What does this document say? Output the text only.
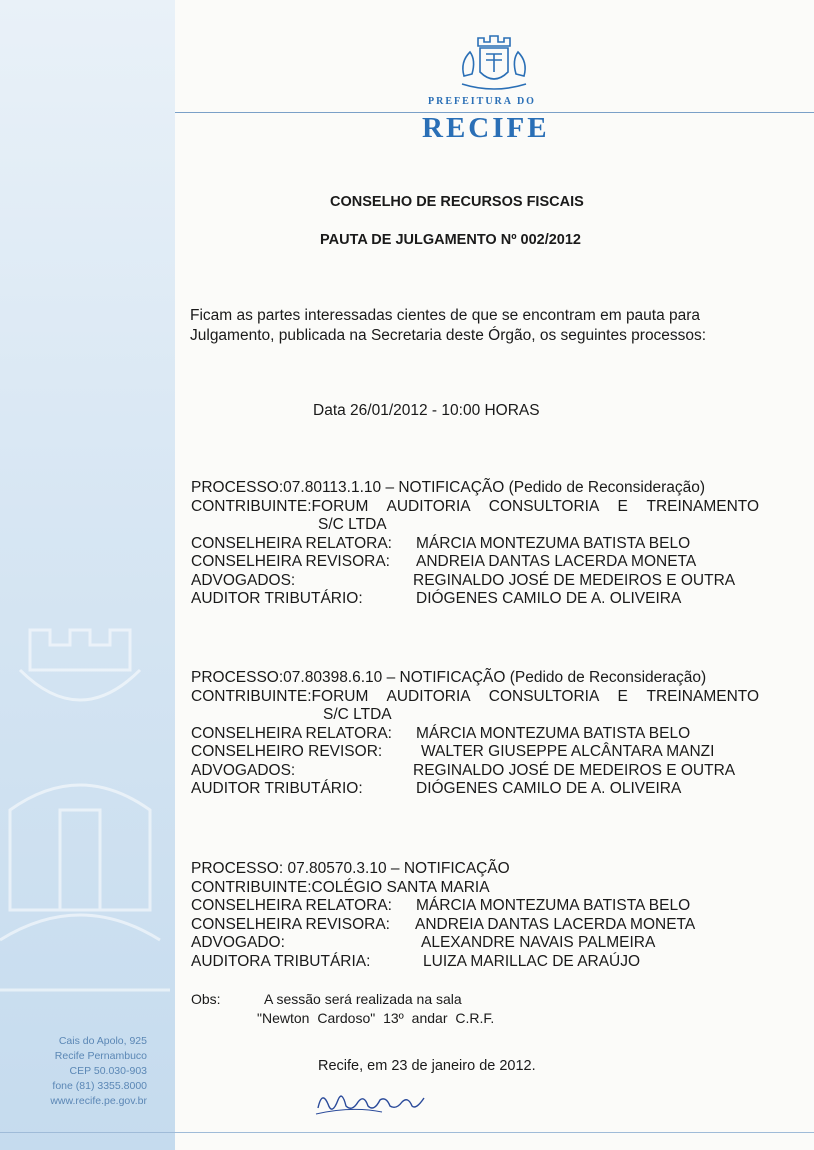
Cais do Apolo, 925
Recife Pernambuco
CEP 50.030-903
fone (81) 3355.8000
www.recife.pe.gov.br
PREFEITURA DO
RECIFE
CONSELHO DE RECURSOS FISCAIS
PAUTA DE JULGAMENTO Nº 002/2012
Ficam as partes interessadas cientes de que se encontram em pauta para
Julgamento, publicada na Secretaria deste Órgão, os seguintes processos:
Data 26/01/2012 - 10:00 HORAS
PROCESSO:07.80113.1.10 – NOTIFICAÇÃO (Pedido de Reconsideração)
CONTRIBUINTE:FORUM AUDITORIA CONSULTORIA E TREINAMENTO
S/C LTDA
CONSELHEIRA RELATORA: MÁRCIA MONTEZUMA BATISTA BELO
CONSELHEIRA REVISORA: ANDREIA DANTAS LACERDA MONETA
ADVOGADOS:	REGINALDO JOSÉ DE MEDEIROS E OUTRA
AUDITOR TRIBUTÁRIO:	DIÓGENES CAMILO DE A. OLIVEIRA
PROCESSO:07.80398.6.10 – NOTIFICAÇÃO (Pedido de Reconsideração)
CONTRIBUINTE:FORUM AUDITORIA CONSULTORIA E TREINAMENTO
S/C LTDA
CONSELHEIRA RELATORA: MÁRCIA MONTEZUMA BATISTA BELO
CONSELHEIRO REVISOR:	WALTER GIUSEPPE ALCÂNTARA MANZI
ADVOGADOS:	REGINALDO JOSÉ DE MEDEIROS E OUTRA
AUDITOR TRIBUTÁRIO:	DIÓGENES CAMILO DE A. OLIVEIRA
PROCESSO: 07.80570.3.10 – NOTIFICAÇÃO
CONTRIBUINTE:COLÉGIO SANTA MARIA
CONSELHEIRA RELATORA: MÁRCIA MONTEZUMA BATISTA BELO
CONSELHEIRA REVISORA: ANDREIA DANTAS LACERDA MONETA
ADVOGADO:	ALEXANDRE NAVAIS PALMEIRA
AUDITORA TRIBUTÁRIA:	LUIZA MARILLAC DE ARAÚJO
Obs:	A sessão será realizada na sala
"Newton Cardoso" 13º andar C.R.F.
Recife, em 23 de janeiro de 2012.
